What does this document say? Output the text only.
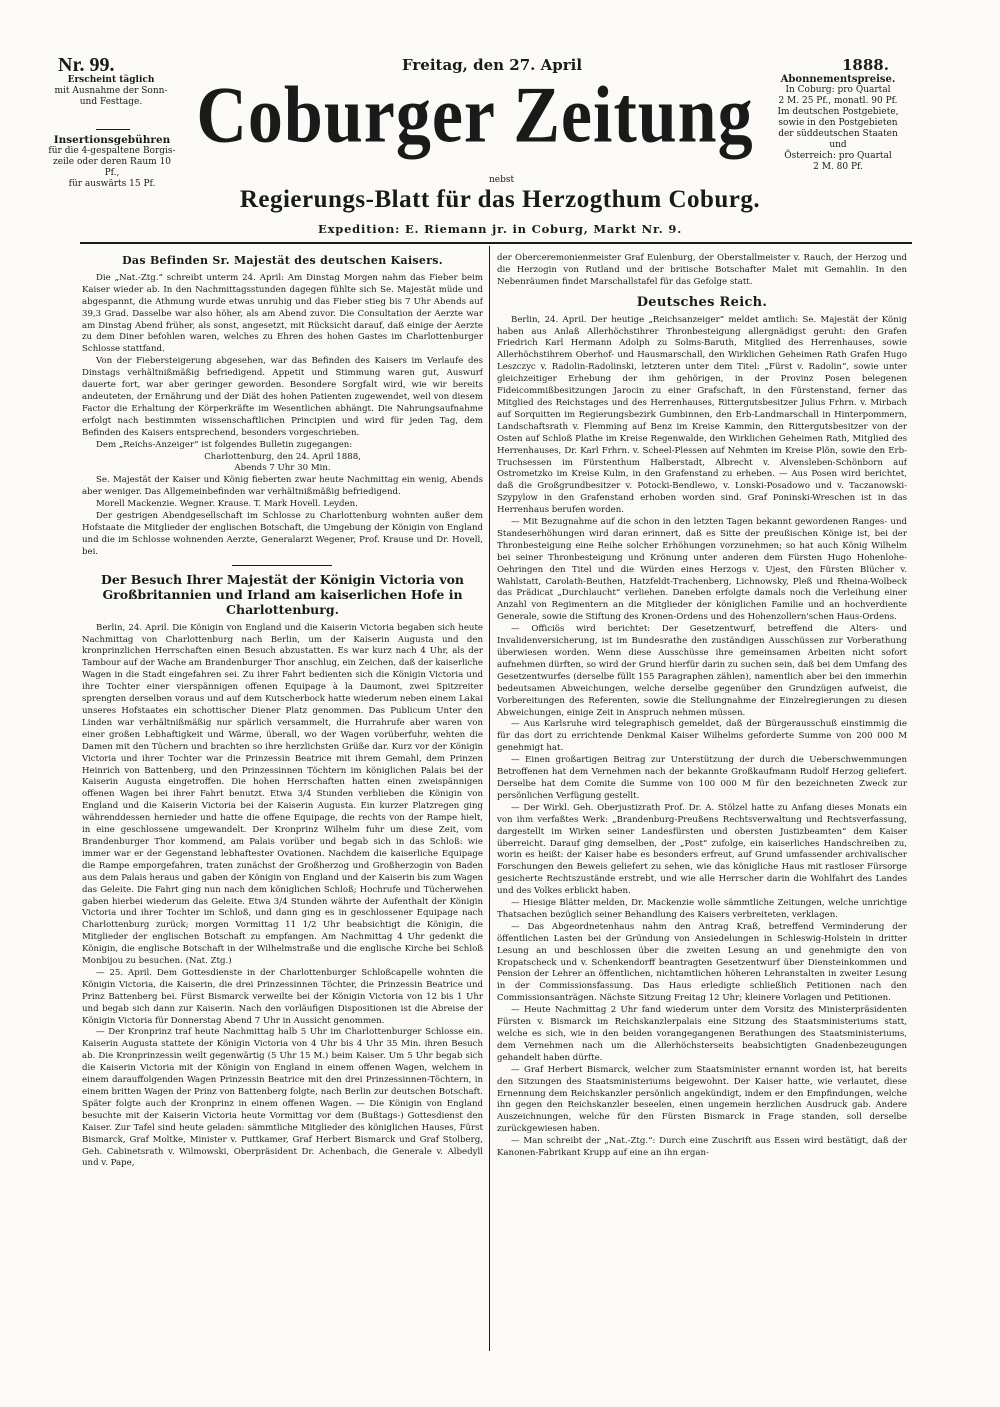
Nr. 99.
Erscheint täglich
mit Ausnahme der Sonn-
und Festtage.
Insertionsgebühren
für die 4-gespaltene Borgis-
zeile oder deren Raum 10 Pf.,
für auswärts 15 Pf.
Freitag, den 27. April	1888.
Abonnementspreise.
In Coburg: pro Quartal
2 M. 25 Pf., monatl. 90 Pf.
Im deutschen Postgebiete,
sowie in den Postgebieten
der süddeutschen Staaten und
Österreich: pro Quartal
2 M. 80 Pf.
Coburger Zeitung
nebst
Regierungs-Blatt für das Herzogthum Coburg.
Expedition: E. Riemann jr. in Coburg, Markt Nr. 9.
Das Befinden Sr. Majestät des deutschen Kaisers.

Die „Nat.-Ztg.“ schreibt unterm 24. April: Am Dinstag Morgen nahm das Fieber beim Kaiser wieder ab. In den Nachmittagsstunden dagegen fühlte sich Se. Majestät müde und abgespannt, die Athmung wurde etwas unruhig und das Fieber stieg bis 7 Uhr Abends auf 39,3 Grad. Dasselbe war also höher, als am Abend zuvor. Die Consultation der Aerzte war am Dinstag Abend früher, als sonst, angesetzt, mit Rücksicht darauf, daß einige der Aerzte zu dem Diner befohlen waren, welches zu Ehren des hohen Gastes im Charlottenburger Schlosse stattfand.

Von der Fiebersteigerung abgesehen, war das Befinden des Kaisers im Verlaufe des Dinstags verhältnißmäßig befriedigend. Appetit und Stimmung waren gut, Auswurf dauerte fort, war aber geringer geworden. Besondere Sorgfalt wird, wie wir bereits andeuteten, der Ernährung und der Diät des hohen Patienten zugewendet, weil von diesem Factor die Erhaltung der Körperkräfte im Wesentlichen abhängt. Die Nahrungsaufnahme erfolgt nach bestimmten wissenschaftlichen Principien und wird für jeden Tag, dem Befinden des Kaisers entsprechend, besonders vorgeschrieben.

Dem „Reichs-Anzeiger“ ist folgendes Bulletin zugegangen:

Charlottenburg, den 24. April 1888,

Abends 7 Uhr 30 Min.

Se. Majestät der Kaiser und König fieberten zwar heute Nachmittag ein wenig, Abends aber weniger. Das Allgemeinbefinden war verhältnißmäßig befriedigend.

Morell Mackenzie. Wegner. Krause. T. Mark Hovell. Leyden.

Der gestrigen Abendgesellschaft im Schlosse zu Charlottenburg wohnten außer dem Hofstaate die Mitglieder der englischen Botschaft, die Umgebung der Königin von England und die im Schlosse wohnenden Aerzte, Generalarzt Wegener, Prof. Krause und Dr. Hovell, bei.

Der Besuch Ihrer Majestät der Königin Victoria von Großbritannien und Irland am kaiserlichen Hofe in Charlottenburg.

Berlin, 24. April. Die Königin von England und die Kaiserin Victoria begaben sich heute Nachmittag von Charlottenburg nach Berlin, um der Kaiserin Augusta und den kronprinzlichen Herrschaften einen Besuch abzustatten. Es war kurz nach 4 Uhr, als der Tambour auf der Wache am Brandenburger Thor anschlug, ein Zeichen, daß der kaiserliche Wagen in die Stadt eingefahren sei. Zu ihrer Fahrt bedienten sich die Königin Victoria und ihre Tochter einer vierspännigen offenen Equipage à la Daumont, zwei Spitzreiter sprengten derselben voraus und auf dem Kutscherbock hatte wiederum neben einem Lakai unseres Hofstaates ein schottischer Diener Platz genommen. Das Publicum Unter den Linden war verhältnißmäßig nur spärlich versammelt, die Hurrahrufe aber waren von einer großen Lebhaftigkeit und Wärme, überall, wo der Wagen vorüberfuhr, wehten die Damen mit den Tüchern und brachten so ihre herzlichsten Grüße dar. Kurz vor der Königin Victoria und ihrer Tochter war die Prinzessin Beatrice mit ihrem Gemahl, dem Prinzen Heinrich von Battenberg, und den Prinzessinnen Töchtern im königlichen Palais bei der Kaiserin Augusta eingetroffen. Die hohen Herrschaften hatten einen zweispännigen offenen Wagen bei ihrer Fahrt benutzt. Etwa 3/4 Stunden verblieben die Königin von England und die Kaiserin Victoria bei der Kaiserin Augusta. Ein kurzer Platzregen ging währenddessen hernieder und hatte die offene Equipage, die rechts von der Rampe hielt, in eine geschlossene umgewandelt. Der Kronprinz Wilhelm fuhr um diese Zeit, vom Brandenburger Thor kommend, am Palais vorüber und begab sich in das Schloß: wie immer war er der Gegenstand lebhaftester Ovationen. Nachdem die kaiserliche Equipage die Rampe emporgefahren, traten zunächst der Großherzog und Großherzogin von Baden aus dem Palais heraus und gaben der Königin von England und der Kaiserin bis zum Wagen das Geleite. Die Fahrt ging nun nach dem königlichen Schloß; Hochrufe und Tücherwehen gaben hierbei wiederum das Geleite. Etwa 3/4 Stunden währte der Aufenthalt der Königin Victoria und ihrer Tochter im Schloß, und dann ging es in geschlossener Equipage nach Charlottenburg zurück; morgen Vormittag 11 1/2 Uhr beabsichtigt die Königin, die Mitglieder der englischen Botschaft zu empfangen. Am Nachmittag 4 Uhr gedenkt die Königin, die englische Botschaft in der Wilhelmstraße und die englische Kirche bei Schloß Monbijou zu besuchen. (Nat. Ztg.)

— 25. April. Dem Gottesdienste in der Charlottenburger Schloßcapelle wohnten die Königin Victoria, die Kaiserin, die drei Prinzessinnen Töchter, die Prinzessin Beatrice und Prinz Battenberg bei. Fürst Bismarck verweilte bei der Königin Victoria von 12 bis 1 Uhr und begab sich dann zur Kaiserin. Nach den vorläufigen Dispositionen ist die Abreise der Königin Victoria für Donnerstag Abend 7 Uhr in Aussicht genommen.

— Der Kronprinz traf heute Nachmittag halb 5 Uhr im Charlottenburger Schlosse ein. Kaiserin Augusta stattete der Königin Victoria von 4 Uhr bis 4 Uhr 35 Min. ihren Besuch ab. Die Kronprinzessin weilt gegenwärtig (5 Uhr 15 M.) beim Kaiser. Um 5 Uhr begab sich die Kaiserin Victoria mit der Königin von England in einem offenen Wagen, welchem in einem darauffolgenden Wagen Prinzessin Beatrice mit den drei Prinzessinnen-Töchtern, in einem britten Wagen der Prinz von Battenberg folgte, nach Berlin zur deutschen Botschaft. Später folgte auch der Kronprinz in einem offenen Wagen. — Die Königin von England besuchte mit der Kaiserin Victoria heute Vormittag vor dem (Bußtags-) Gottesdienst den Kaiser. Zur Tafel sind heute geladen: sämmtliche Mitglieder des königlichen Hauses, Fürst Bismarck, Graf Moltke, Minister v. Puttkamer, Graf Herbert Bismarck und Graf Stolberg, Geh. Cabinetsrath v. Wilmowski, Oberpräsident Dr. Achenbach, die Generale v. Albedyll und v. Pape,

der Oberceremonienmeister Graf Eulenburg, der Oberstallmeister v. Rauch, der Herzog und die Herzogin von Rutland und der britische Botschafter Malet mit Gemahlin. In den Nebenräumen findet Marschallstafel für das Gefolge statt.

Deutsches Reich.

Berlin, 24. April. Der heutige „Reichsanzeiger“ meldet amtlich: Se. Majestät der König haben aus Anlaß Allerhöchstihrer Thronbesteigung allergnädigst geruht: den Grafen Friedrich Karl Hermann Adolph zu Solms-Baruth, Mitglied des Herrenhauses, sowie Allerhöchstihrem Oberhof- und Hausmarschall, den Wirklichen Geheimen Rath Grafen Hugo Leszczyc v. Radolin-Radolinski, letzteren unter dem Titel: „Fürst v. Radolin“, sowie unter gleichzeitiger Erhebung der ihm gehörigen, in der Provinz Posen belegenen Fideicommißbesitzungen Jarocin zu einer Grafschaft, in den Fürstenstand, ferner das Mitglied des Reichstages und des Herrenhauses, Rittergutsbesitzer Julius Frhrn. v. Mirbach auf Sorquitten im Regierungsbezirk Gumbinnen, den Erb-Landmarschall in Hinterpommern, Landschaftsrath v. Flemming auf Benz im Kreise Kammin, den Rittergutsbesitzer von der Osten auf Schloß Plathe im Kreise Regenwalde, den Wirklichen Geheimen Rath, Mitglied des Herrenhauses, Dr. Karl Frhrn. v. Scheel-Plessen auf Nehmten im Kreise Plön, sowie den Erb-Truchsessen im Fürstenthum Halberstadt, Albrecht v. Alvensleben-Schönborn auf Ostrometzko im Kreise Kulm, in den Grafenstand zu erheben. — Aus Posen wird berichtet, daß die Großgrundbesitzer v. Potocki-Bendlewo, v. Lonski-Posadowo und v. Taczanowski-Szypylow in den Grafenstand erhoben worden sind. Graf Poninski-Wreschen ist in das Herrenhaus berufen worden.

— Mit Bezugnahme auf die schon in den letzten Tagen bekannt gewordenen Ranges- und Standeserhöhungen wird daran erinnert, daß es Sitte der preußischen Könige ist, bei der Thronbesteigung eine Reihe solcher Erhöhungen vorzunehmen; so hat auch König Wilhelm bei seiner Thronbesteigung und Krönung unter anderen dem Fürsten Hugo Hohenlohe-Oehringen den Titel und die Würden eines Herzogs v. Ujest, den Fürsten Blücher v. Wahlstatt, Carolath-Beuthen, Hatzfeldt-Trachenberg, Lichnowsky, Pleß und Rheina-Wolbeck das Prädicat „Durchlaucht“ verliehen. Daneben erfolgte damals noch die Verleihung einer Anzahl von Regimentern an die Mitglieder der königlichen Familie und an hochverdiente Generale, sowie die Stiftung des Kronen-Ordens und des Hohenzollern'schen Haus-Ordens.

— Officiös wird berichtet: Der Gesetzentwurf, betreffend die Alters- und Invalidenversicherung, ist im Bundesrathe den zuständigen Ausschüssen zur Vorberathung überwiesen worden. Wenn diese Ausschüsse ihre gemeinsamen Arbeiten nicht sofort aufnehmen dürften, so wird der Grund hierfür darin zu suchen sein, daß bei dem Umfang des Gesetzentwurfes (derselbe füllt 155 Paragraphen zählen), namentlich aber bei den immerhin bedeutsamen Abweichungen, welche derselbe gegenüber den Grundzügen aufweist, die Vorbereitungen des Referenten, sowie die Stellungnahme der Einzelregierungen zu diesen Abweichungen, einige Zeit in Anspruch nehmen müssen.

— Aus Karlsruhe wird telegraphisch gemeldet, daß der Bürgerausschuß einstimmig die für das dort zu errichtende Denkmal Kaiser Wilhelms geforderte Summe von 200 000 M genehmigt hat.

— Einen großartigen Beitrag zur Unterstützung der durch die Ueberschwemmungen Betroffenen hat dem Vernehmen nach der bekannte Großkaufmann Rudolf Herzog geliefert. Derselbe hat dem Comite die Summe von 100 000 M für den bezeichneten Zweck zur persönlichen Verfügung gestellt.

— Der Wirkl. Geh. Oberjustizrath Prof. Dr. A. Stölzel hatte zu Anfang dieses Monats ein von ihm verfaßtes Werk: „Brandenburg-Preußens Rechtsverwaltung und Rechtsverfassung, dargestellt im Wirken seiner Landesfürsten und obersten Justizbeamten“ dem Kaiser überreicht. Darauf ging demselben, der „Post“ zufolge, ein kaiserliches Handschreiben zu, worin es heißt: der Kaiser habe es besonders erfreut, auf Grund umfassender archivalischer Forschungen den Beweis geliefert zu sehen, wie das königliche Haus mit rastloser Fürsorge gesicherte Rechtszustände erstrebt, und wie alle Herrscher darin die Wohlfahrt des Landes und des Volkes erblickt haben.

— Hiesige Blätter melden, Dr. Mackenzie wolle sämmtliche Zeitungen, welche unrichtige Thatsachen bezüglich seiner Behandlung des Kaisers verbreiteten, verklagen.

— Das Abgeordnetenhaus nahm den Antrag Kraß, betreffend Verminderung der öffentlichen Lasten bei der Gründung von Ansiedelungen in Schleswig-Holstein in dritter Lesung an und beschlossen über die zweiten Lesung an und genehmigte den von Kropatscheck und v. Schenkendorff beantragten Gesetzentwurf über Diensteinkommen und Pension der Lehrer an öffentlichen, nichtamtlichen höheren Lehranstalten in zweiter Lesung in der Commissionsfassung. Das Haus erledigte schließlich Petitionen nach den Commissionsanträgen. Nächste Sitzung Freitag 12 Uhr; kleinere Vorlagen und Petitionen.

— Heute Nachmittag 2 Uhr fand wiederum unter dem Vorsitz des Ministerpräsidenten Fürsten v. Bismarck im Reichskanzlerpalais eine Sitzung des Staatsministeriums statt, welche es sich, wie in den beiden vorangegangenen Berathungen des Staatsministeriums, dem Vernehmen nach um die Allerhöchsterseits beabsichtigten Gnadenbezeugungen gehandelt haben dürfte.

— Graf Herbert Bismarck, welcher zum Staatsminister ernannt worden ist, hat bereits den Sitzungen des Staatsministeriums beigewohnt. Der Kaiser hatte, wie verlautet, diese Ernennung dem Reichskanzler persönlich angekündigt, indem er den Empfindungen, welche ihn gegen den Reichskanzler beseelen, einen ungemein herzlichen Ausdruck gab. Andere Auszeichnungen, welche für den Fürsten Bismarck in Frage standen, soll derselbe zurückgewiesen haben.

— Man schreibt der „Nat.-Ztg.“: Durch eine Zuschrift aus Essen wird bestätigt, daß der Kanonen-Fabrikant Krupp auf eine an ihn ergan-
